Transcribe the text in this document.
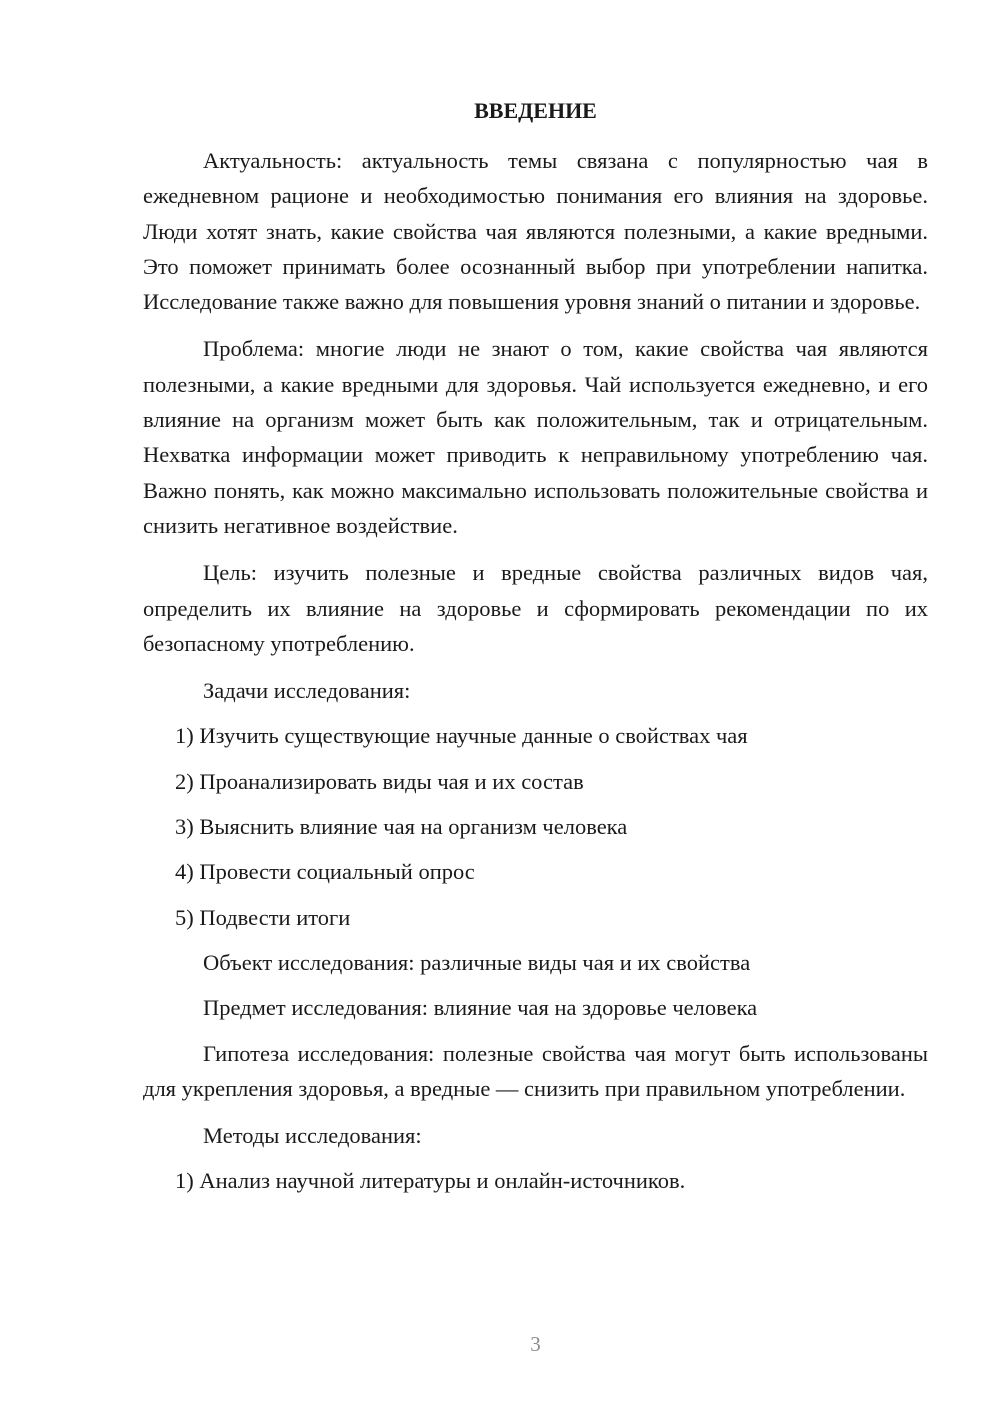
ВВЕДЕНИЕ

Актуальность: актуальность темы связана с популярностью чая в ежедневном рационе и необходимостью понимания его влияния на здоровье. Люди хотят знать, какие свойства чая являются полезными, а какие вредными. Это поможет принимать более осознанный выбор при употреблении напитка. Исследование также важно для повышения уровня знаний о питании и здоровье.

Проблема: многие люди не знают о том, какие свойства чая являются полезными, а какие вредными для здоровья. Чай используется ежедневно, и его влияние на организм может быть как положительным, так и отрицательным. Нехватка информации может приводить к неправильному употреблению чая. Важно понять, как можно максимально использовать положительные свойства и снизить негативное воздействие.

Цель: изучить полезные и вредные свойства различных видов чая, определить их влияние на здоровье и сформировать рекомендации по их безопасному употреблению.

Задачи исследования:

1) Изучить существующие научные данные о свойствах чая

2) Проанализировать виды чая и их состав

3) Выяснить влияние чая на организм человека

4) Провести социальный опрос

5) Подвести итоги

Объект исследования: различные виды чая и их свойства

Предмет исследования: влияние чая на здоровье человека

Гипотеза исследования: полезные свойства чая могут быть использованы для укрепления здоровья, а вредные — снизить при правильном употреблении.

Методы исследования:

1) Анализ научной литературы и онлайн-источников.

3
